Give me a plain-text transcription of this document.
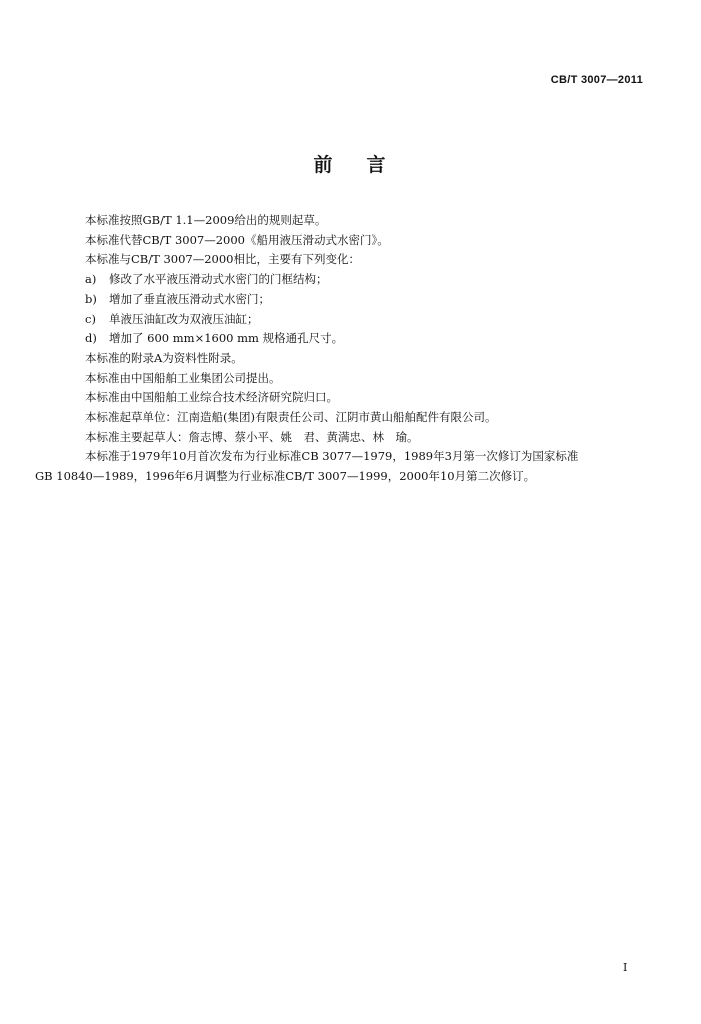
CB/T 3007—2011
前 言
本标准按照GB/T 1.1—2009给出的规则起草。
本标准代替CB/T 3007—2000《船用液压滑动式水密门》。
本标准与CB/T 3007—2000相比，主要有下列变化：
a) 修改了水平液压滑动式水密门的门框结构；
b) 增加了垂直液压滑动式水密门；
c) 单液压油缸改为双液压油缸；
d) 增加了 600 mm×1600 mm 规格通孔尺寸。
本标准的附录A为资料性附录。
本标准由中国船舶工业集团公司提出。
本标准由中国船舶工业综合技术经济研究院归口。
本标准起草单位：江南造船(集团)有限责任公司、江阴市黄山船舶配件有限公司。
本标准主要起草人：詹志博、蔡小平、姚　君、黄满忠、林　瑜。
本标准于1979年10月首次发布为行业标准CB 3077—1979，1989年3月第一次修订为国家标准
GB 10840—1989，1996年6月调整为行业标准CB/T 3007—1999，2000年10月第二次修订。
I
